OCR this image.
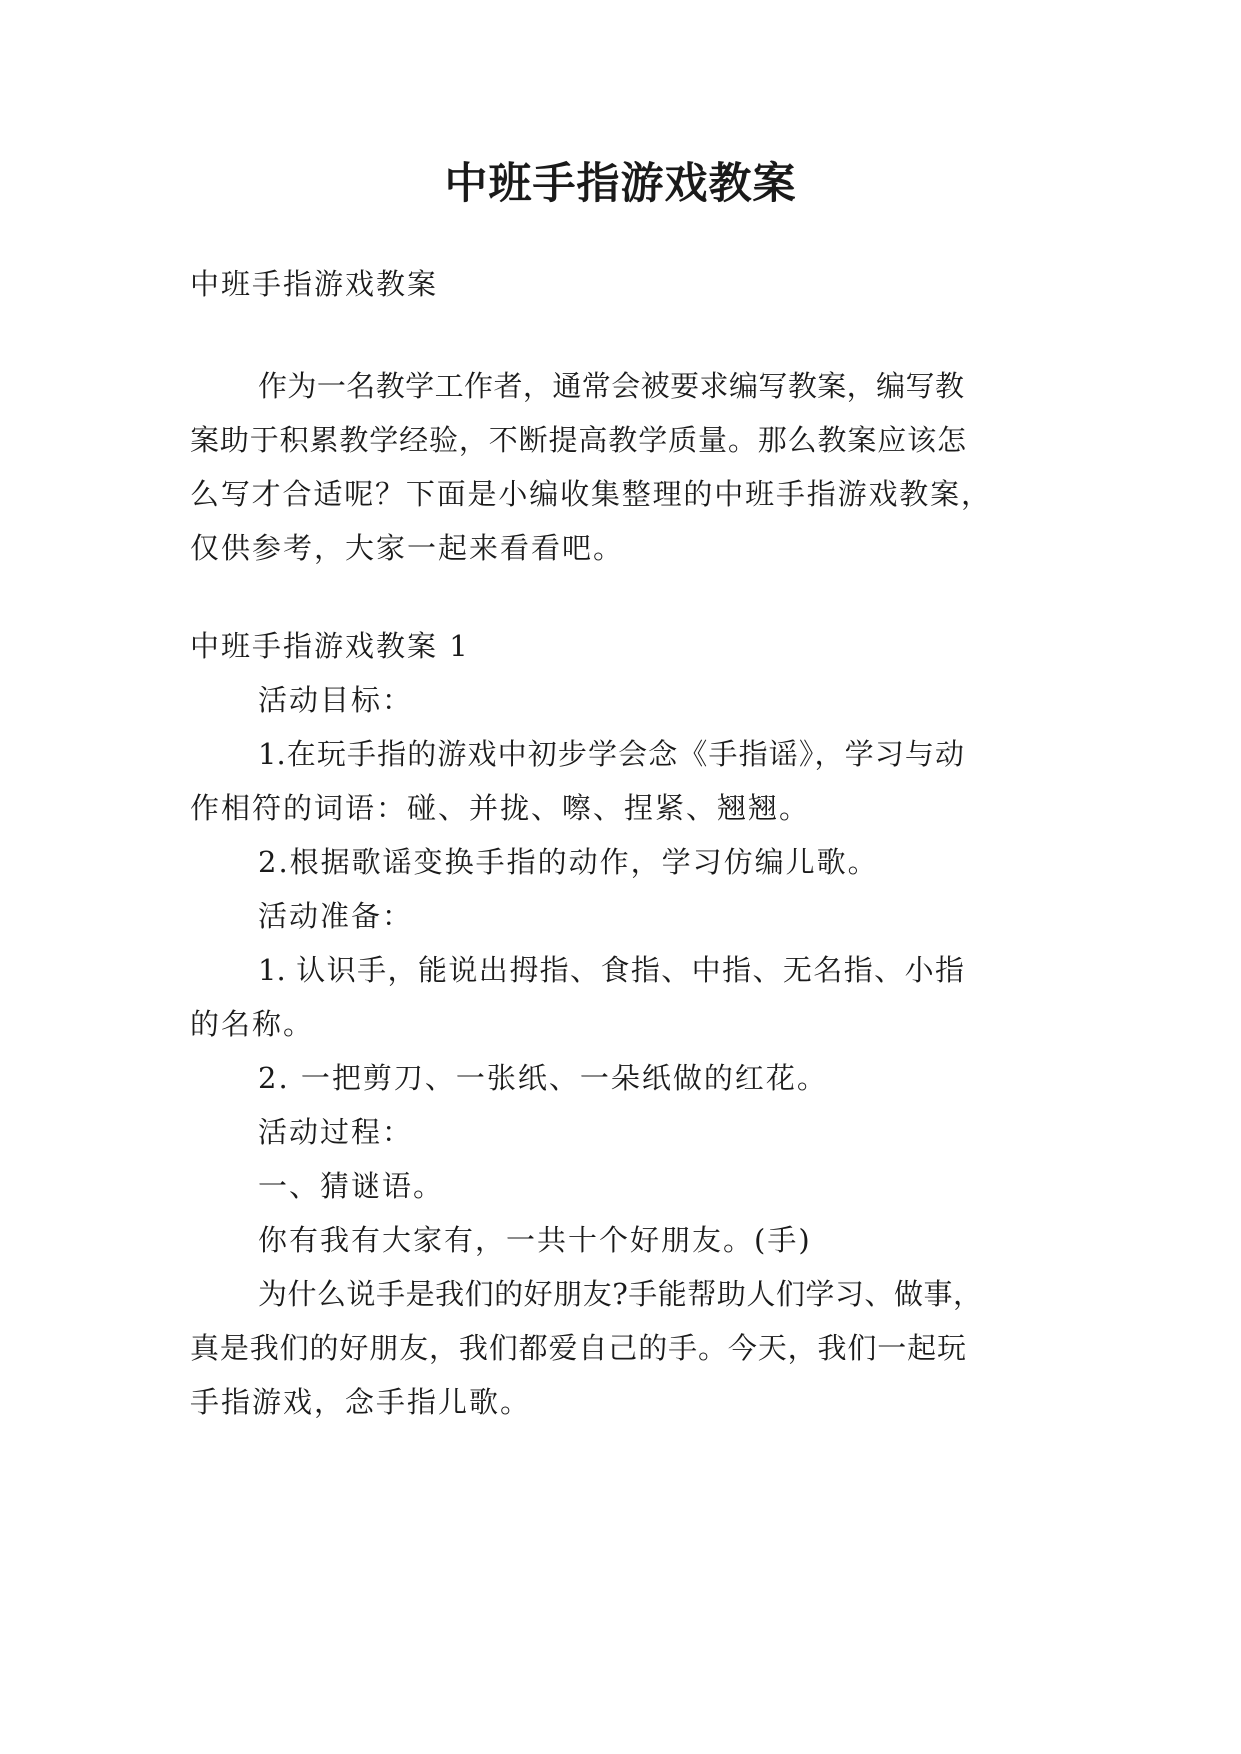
中班手指游戏教案
中班手指游戏教案
作为一名教学工作者，通常会被要求编写教案，编写教
案助于积累教学经验，不断提高教学质量。那么教案应该怎
么写才合适呢？下面是小编收集整理的中班手指游戏教案，
仅供参考，大家一起来看看吧。
中班手指游戏教案 1
活动目标：
1.在玩手指的游戏中初步学会念《手指谣》，学习与动
作相符的词语：碰、并拢、嚓、捏紧、翘翘。
2.根据歌谣变换手指的动作，学习仿编儿歌。
活动准备：
1. 认识手，能说出拇指、食指、中指、无名指、小指
的名称。
2. 一把剪刀、一张纸、一朵纸做的红花。
活动过程：
一、猜谜语。
你有我有大家有，一共十个好朋友。(手)
为什么说手是我们的好朋友?手能帮助人们学习、做事，
真是我们的好朋友，我们都爱自己的手。今天，我们一起玩
手指游戏，念手指儿歌。
